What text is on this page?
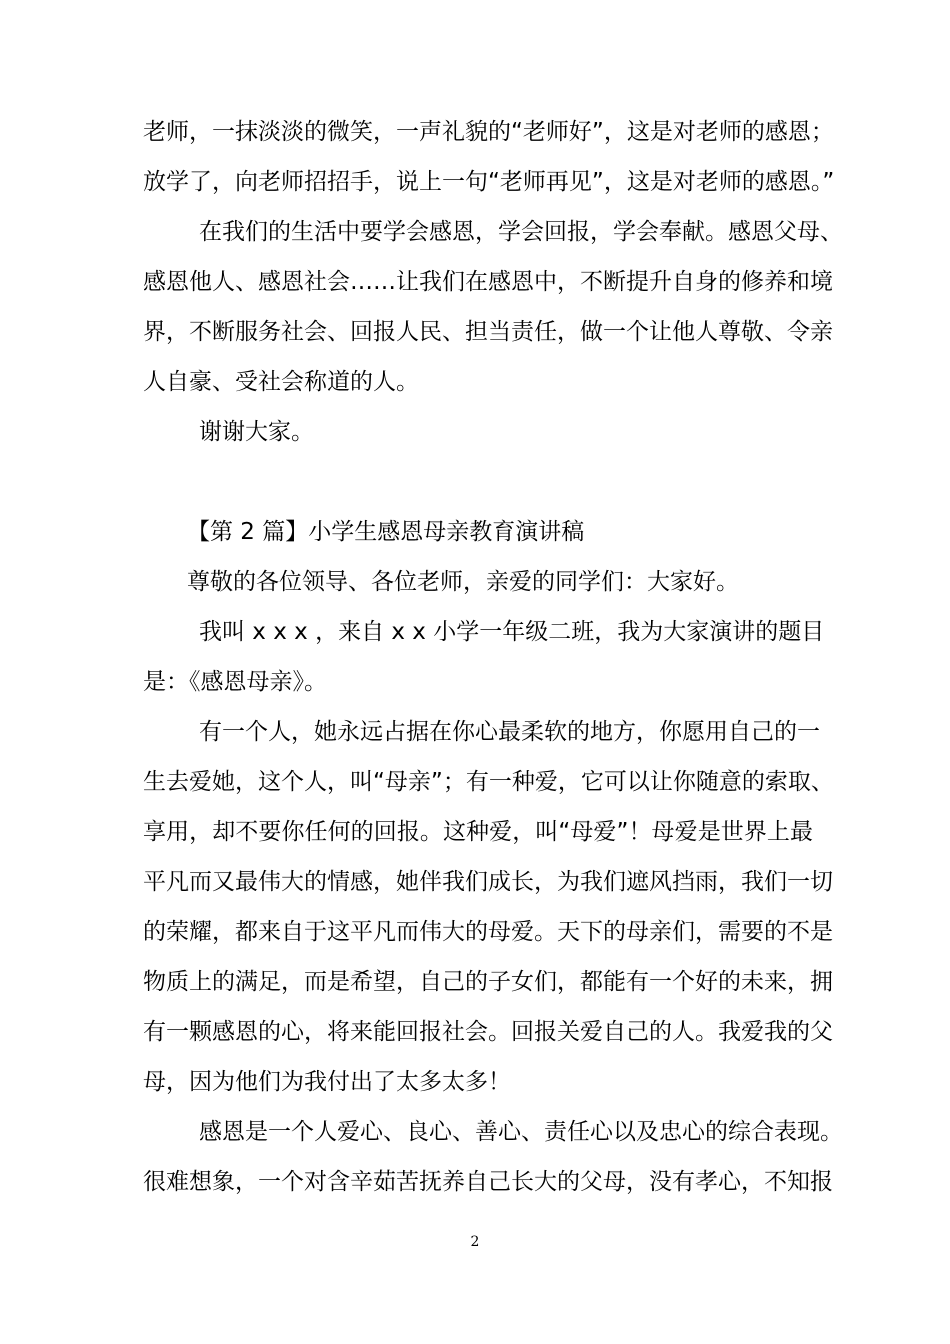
老师，一抹淡淡的微笑，一声礼貌的“老师好”，这是对老师的感恩；
放学了，向老师招招手，说上一句“老师再见”，这是对老师的感恩。”
在我们的生活中要学会感恩，学会回报，学会奉献。感恩父母、
感恩他人、感恩社会……让我们在感恩中，不断提升自身的修养和境
界，不断服务社会、回报人民、担当责任，做一个让他人尊敬、令亲
人自豪、受社会称道的人。
谢谢大家。
【第 2 篇】小学生感恩母亲教育演讲稿
尊敬的各位领导、各位老师，亲爱的同学们：大家好。
我叫 x x x ，来自 x x 小学一年级二班，我为大家演讲的题目
是：《感恩母亲》。
有一个人，她永远占据在你心最柔软的地方，你愿用自己的一
生去爱她，这个人，叫“母亲”；有一种爱，它可以让你随意的索取、
享用，却不要你任何的回报。这种爱，叫“母爱”！母爱是世界上最
平凡而又最伟大的情感，她伴我们成长，为我们遮风挡雨，我们一切
的荣耀，都来自于这平凡而伟大的母爱。天下的母亲们，需要的不是
物质上的满足，而是希望，自己的子女们，都能有一个好的未来，拥
有一颗感恩的心，将来能回报社会。回报关爱自己的人。我爱我的父
母，因为他们为我付出了太多太多！
感恩是一个人爱心、良心、善心、责任心以及忠心的综合表现。
很难想象，一个对含辛茹苦抚养自己长大的父母，没有孝心，不知报
2
